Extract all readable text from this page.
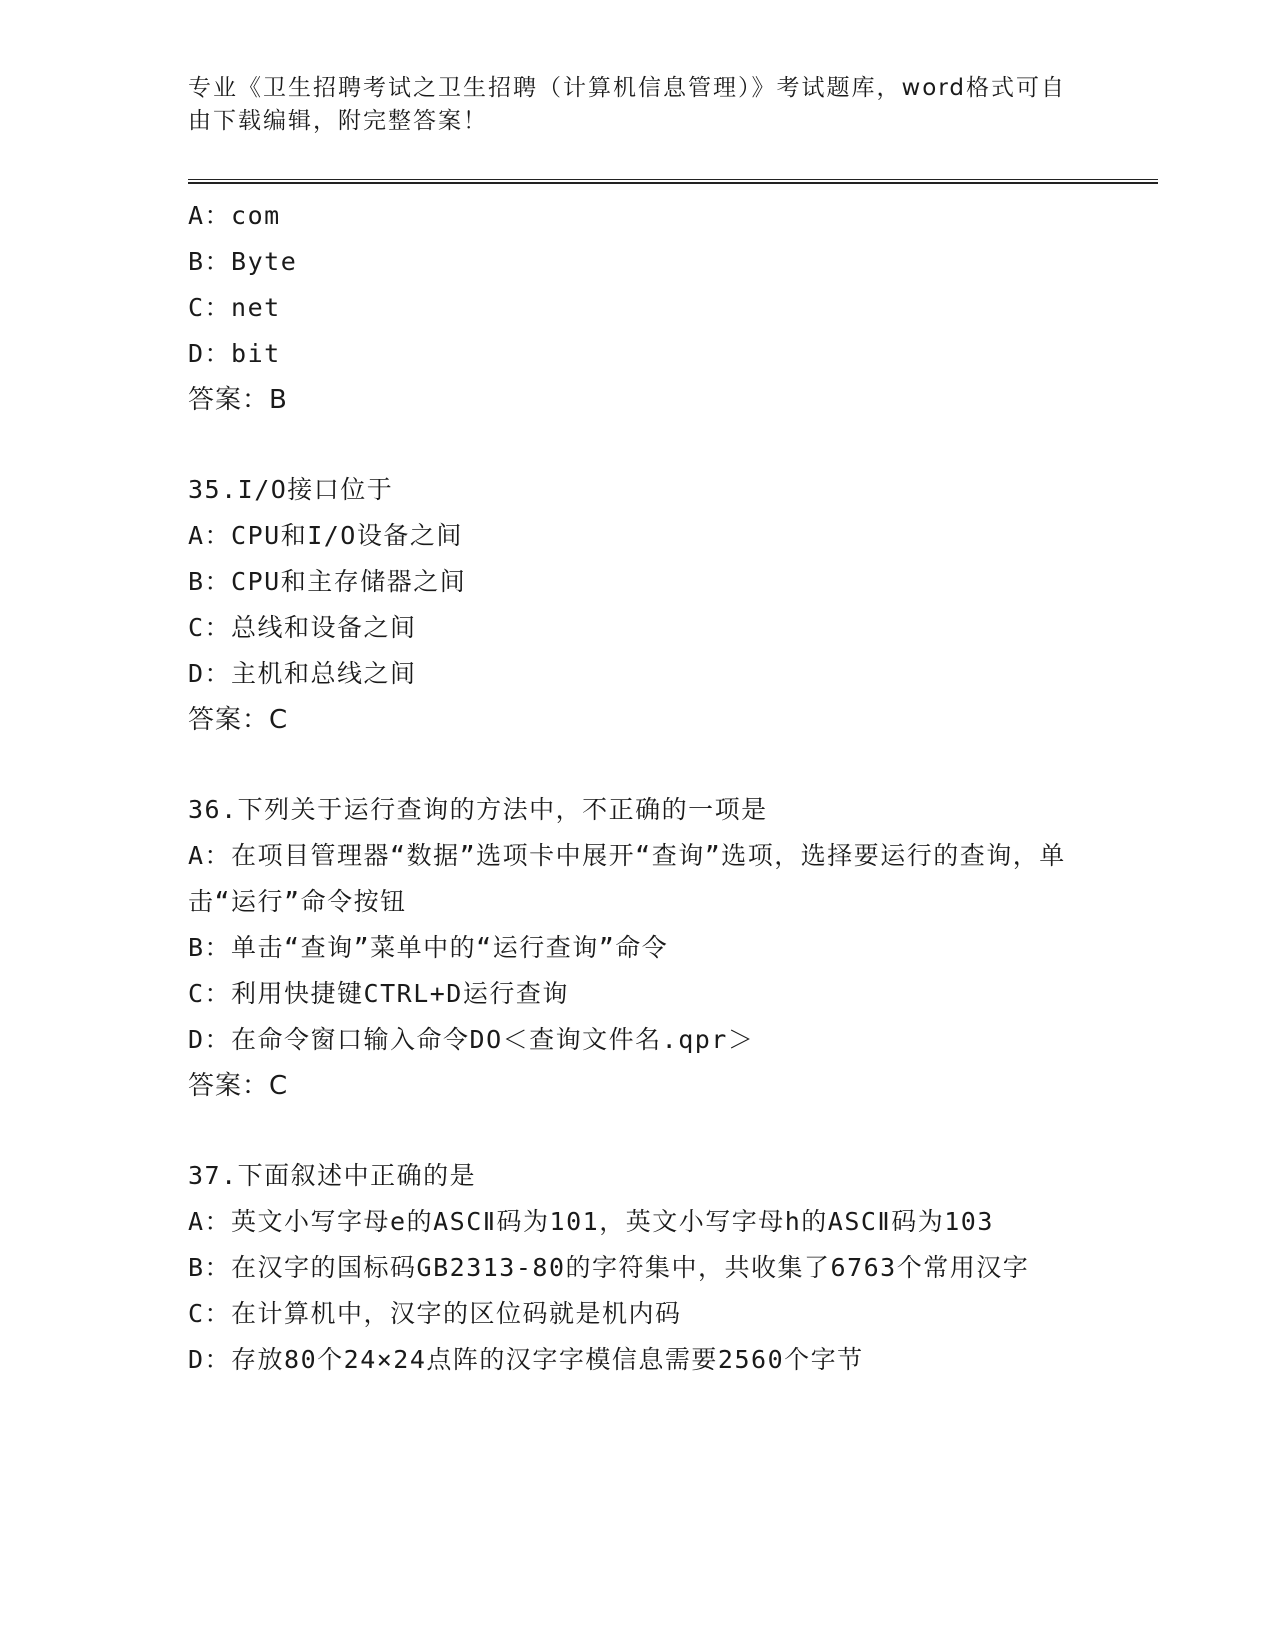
专业《卫生招聘考试之卫生招聘（计算机信息管理）》考试题库，word格式可自由下载编辑，附完整答案！
A：com
B：Byte
C：net
D：bit
答案：B
35.I/O接口位于
A：CPU和I/O设备之间
B：CPU和主存储器之间
C：总线和设备之间
D：主机和总线之间
答案：C
36.下列关于运行查询的方法中，不正确的一项是
A：在项目管理器“数据”选项卡中展开“查询”选项，选择要运行的查询，单击“运行”命令按钮
B：单击“查询”菜单中的“运行查询”命令
C：利用快捷键CTRL+D运行查询
D：在命令窗口输入命令DO＜查询文件名.qpr＞
答案：C
37.下面叙述中正确的是
A：英文小写字母e的ASCⅡ码为101，英文小写字母h的ASCⅡ码为103
B：在汉字的国标码GB2313-80的字符集中，共收集了6763个常用汉字
C：在计算机中，汉字的区位码就是机内码
D：存放80个24×24点阵的汉字字模信息需要2560个字节
